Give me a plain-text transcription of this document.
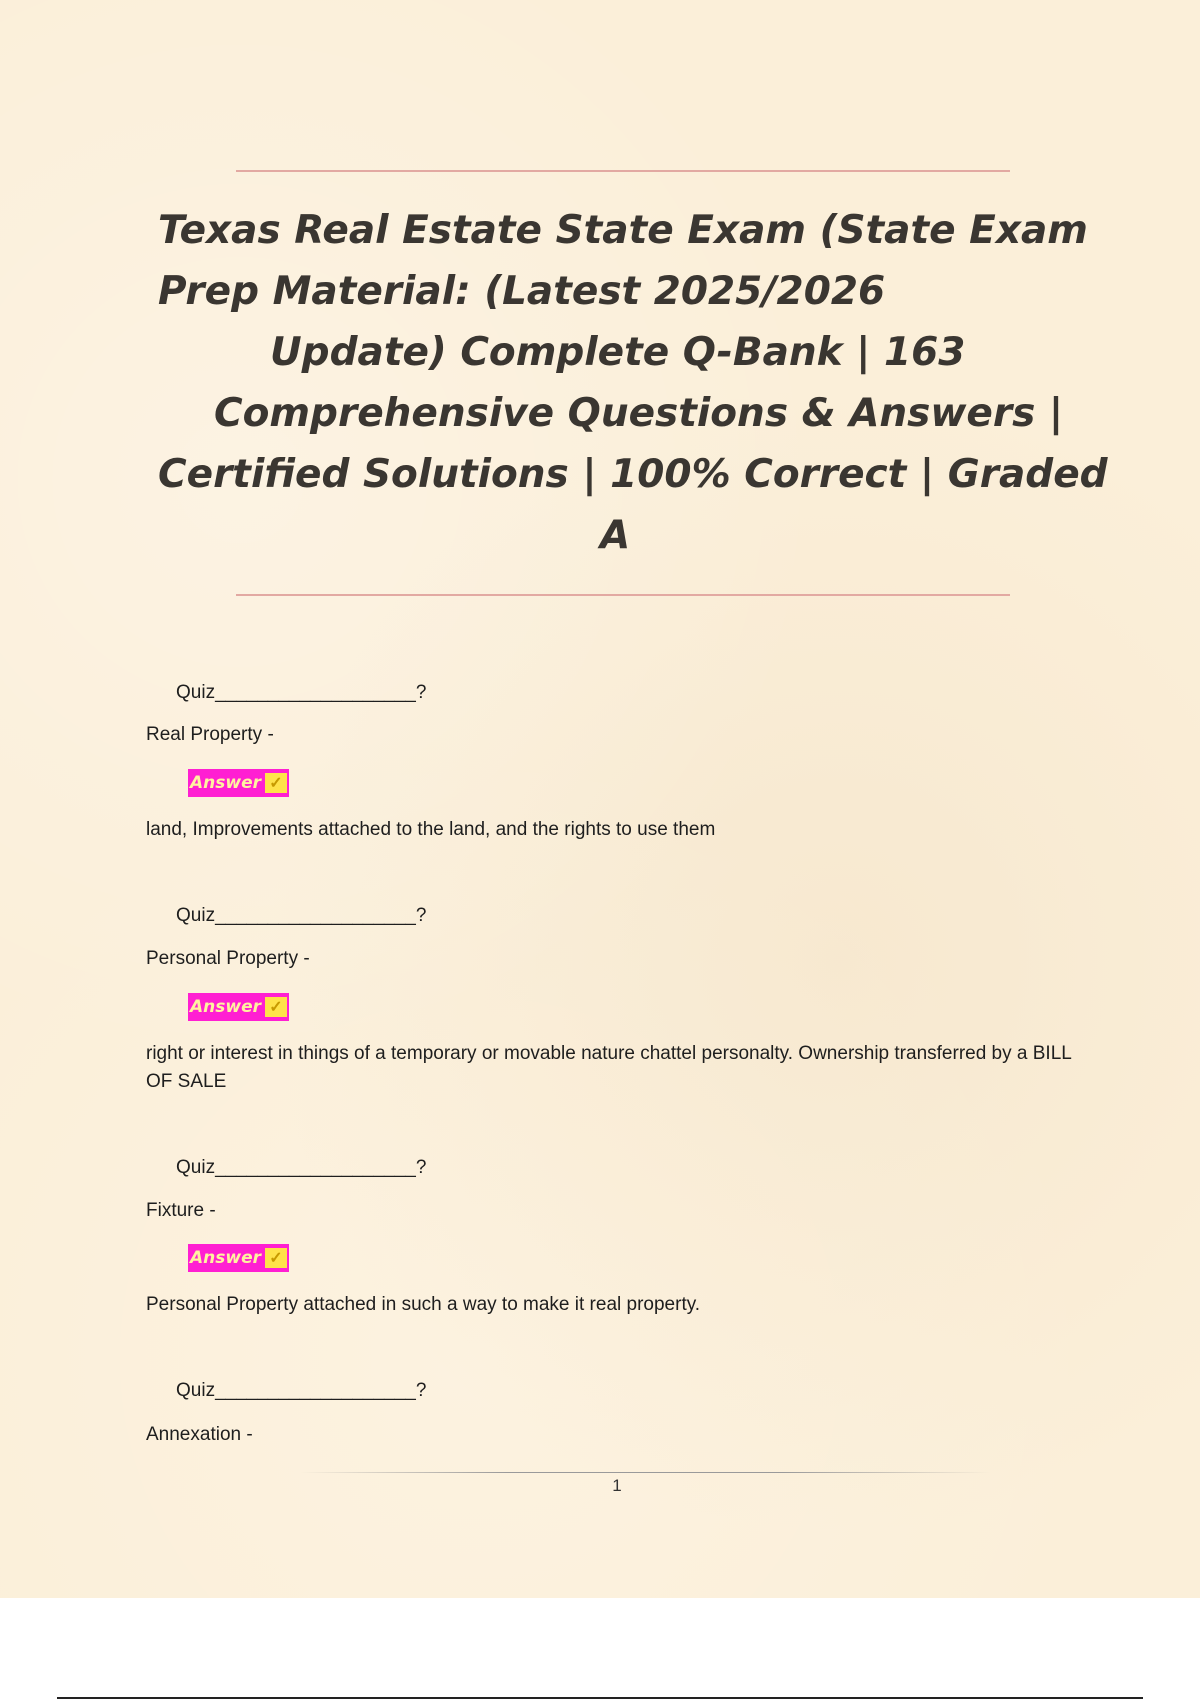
Texas Real Estate State Exam (State Exam
Prep Material: (Latest 2025/2026
Update) Complete Q-Bank | 163
Comprehensive Questions & Answers |
Certified Solutions | 100% Correct | Graded
A
Quiz___________________?
Real Property -
Answer ✓
land, Improvements attached to the land, and the rights to use them
Quiz___________________?
Personal Property -
Answer ✓
right or interest in things of a temporary or movable nature chattel personalty. Ownership transferred by a BILL OF SALE
Quiz___________________?
Fixture -
Answer ✓
Personal Property attached in such a way to make it real property.
Quiz___________________?
Annexation -
1
